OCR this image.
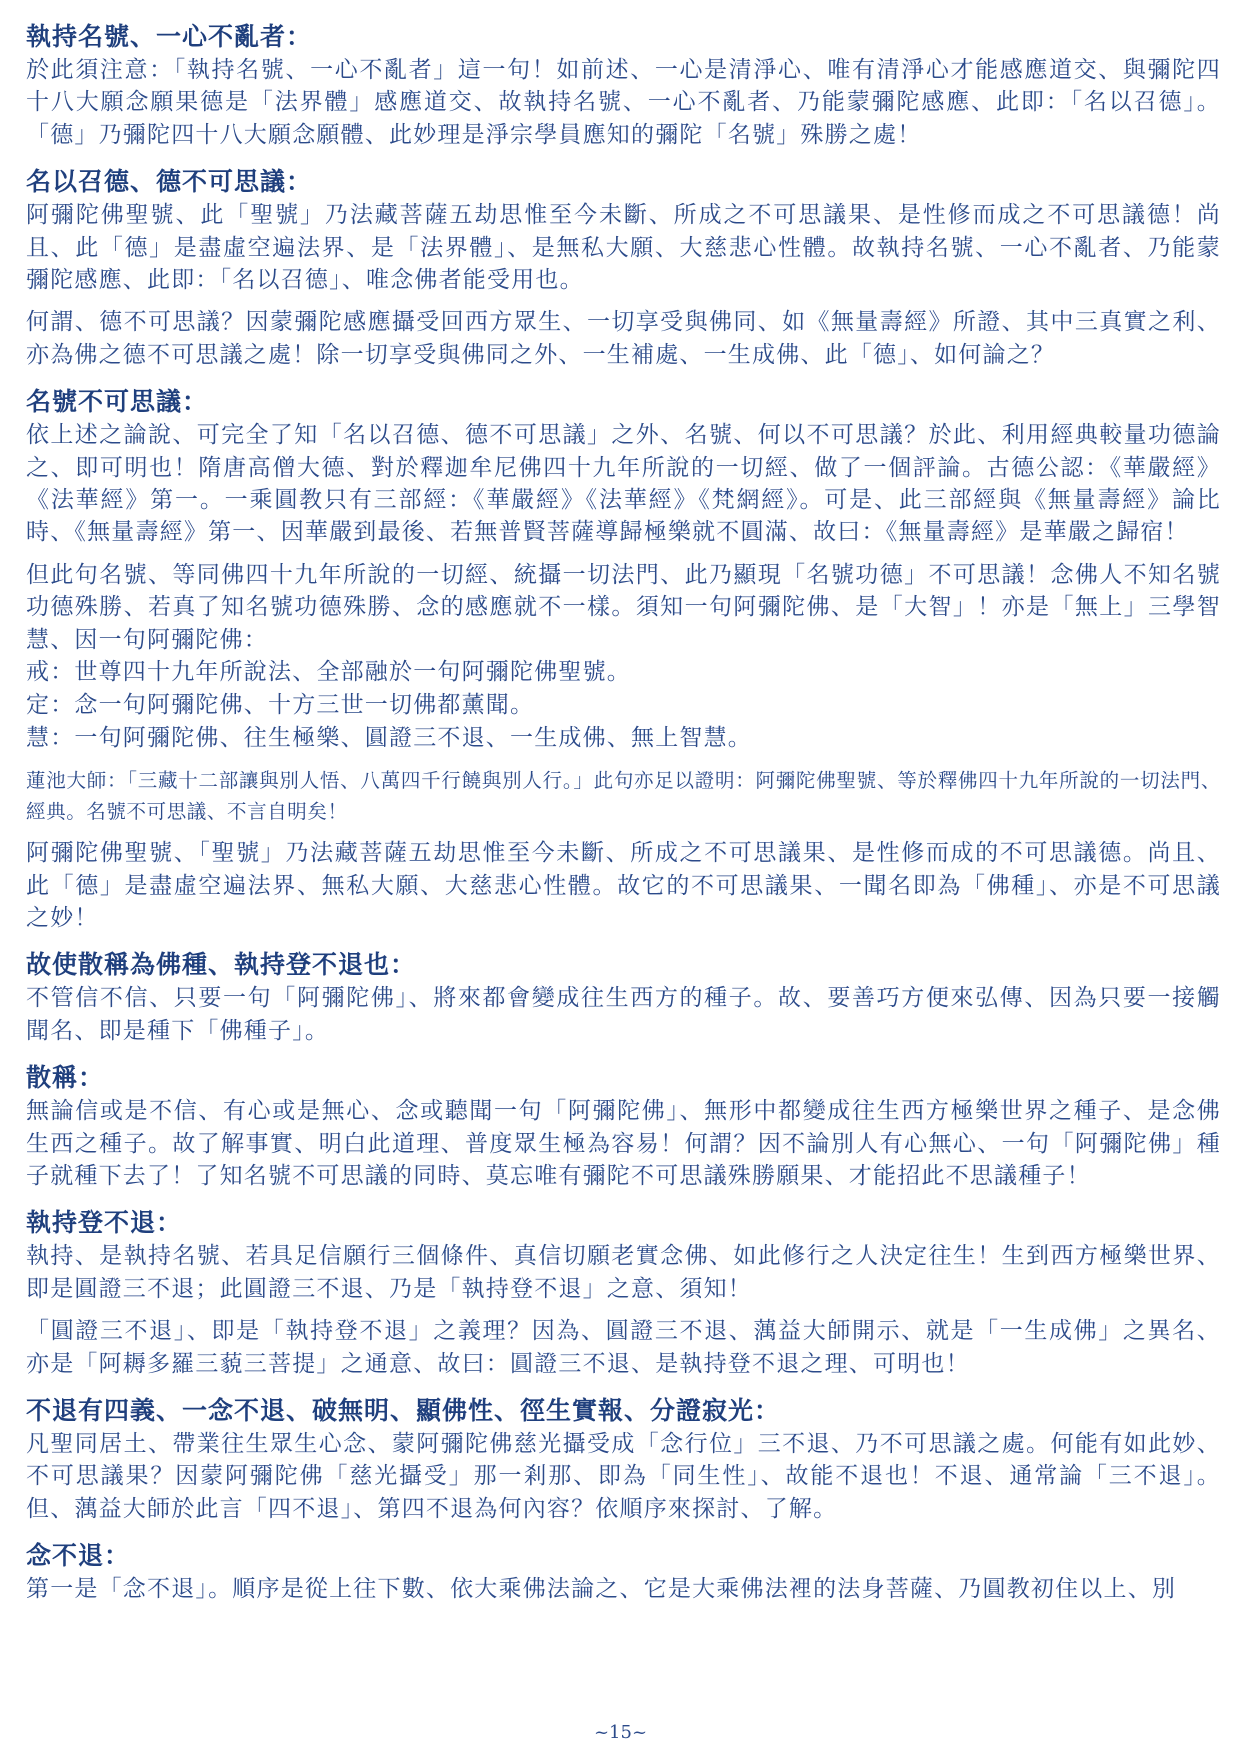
執持名號、一心不亂者：

於此須注意：「執持名號、一心不亂者」這一句！如前述、一心是清淨心、唯有清淨心才能感應道交、與彌陀四十八大願念願果德是「法界體」感應道交、故執持名號、一心不亂者、乃能蒙彌陀感應、此即：「名以召德」。「德」乃彌陀四十八大願念願體、此妙理是淨宗學員應知的彌陀「名號」殊勝之處！

名以召德、德不可思議：

阿彌陀佛聖號、此「聖號」乃法藏菩薩五劫思惟至今未斷、所成之不可思議果、是性修而成之不可思議德！尚且、此「德」是盡虛空遍法界、是「法界體」、是無私大願、大慈悲心性體。故執持名號、一心不亂者、乃能蒙彌陀感應、此即：「名以召德」、唯念佛者能受用也。

何謂、德不可思議？因蒙彌陀感應攝受回西方眾生、一切享受與佛同、如《無量壽經》所證、其中三真實之利、亦為佛之德不可思議之處！除一切享受與佛同之外、一生補處、一生成佛、此「德」、如何論之？

名號不可思議：

依上述之論說、可完全了知「名以召德、德不可思議」之外、名號、何以不可思議？於此、利用經典較量功德論之、即可明也！隋唐高僧大德、對於釋迦牟尼佛四十九年所說的一切經、做了一個評論。古德公認：《華嚴經》《法華經》第一。一乘圓教只有三部經：《華嚴經》《法華經》《梵網經》。可是、此三部經與《無量壽經》論比時、《無量壽經》第一、因華嚴到最後、若無普賢菩薩導歸極樂就不圓滿、故曰：《無量壽經》是華嚴之歸宿！

但此句名號、等同佛四十九年所說的一切經、統攝一切法門、此乃顯現「名號功德」不可思議！念佛人不知名號功德殊勝、若真了知名號功德殊勝、念的感應就不一樣。須知一句阿彌陀佛、是「大智」！亦是「無上」三學智慧、因一句阿彌陀佛：

戒：世尊四十九年所說法、全部融於一句阿彌陀佛聖號。
定：念一句阿彌陀佛、十方三世一切佛都薰聞。
慧：一句阿彌陀佛、往生極樂、圓證三不退、一生成佛、無上智慧。

蓮池大師：「三藏十二部讓與別人悟、八萬四千行饒與別人行。」此句亦足以證明：阿彌陀佛聖號、等於釋佛四十九年所說的一切法門、經典。名號不可思議、不言自明矣！

阿彌陀佛聖號、「聖號」乃法藏菩薩五劫思惟至今未斷、所成之不可思議果、是性修而成的不可思議德。尚且、此「德」是盡虛空遍法界、無私大願、大慈悲心性體。故它的不可思議果、一聞名即為「佛種」、亦是不可思議之妙！

故使散稱為佛種、執持登不退也：

不管信不信、只要一句「阿彌陀佛」、將來都會變成往生西方的種子。故、要善巧方便來弘傳、因為只要一接觸聞名、即是種下「佛種子」。

散稱：

無論信或是不信、有心或是無心、念或聽聞一句「阿彌陀佛」、無形中都變成往生西方極樂世界之種子、是念佛生西之種子。故了解事實、明白此道理、普度眾生極為容易！何謂？因不論別人有心無心、一句「阿彌陀佛」種子就種下去了！了知名號不可思議的同時、莫忘唯有彌陀不可思議殊勝願果、才能招此不思議種子！

執持登不退：

執持、是執持名號、若具足信願行三個條件、真信切願老實念佛、如此修行之人決定往生！生到西方極樂世界、即是圓證三不退；此圓證三不退、乃是「執持登不退」之意、須知！

「圓證三不退」、即是「執持登不退」之義理？因為、圓證三不退、蕅益大師開示、就是「一生成佛」之異名、亦是「阿耨多羅三藐三菩提」之通意、故曰：圓證三不退、是執持登不退之理、可明也！

不退有四義、一念不退、破無明、顯佛性、徑生實報、分證寂光：

凡聖同居土、帶業往生眾生心念、蒙阿彌陀佛慈光攝受成「念行位」三不退、乃不可思議之處。何能有如此妙、不可思議果？因蒙阿彌陀佛「慈光攝受」那一剎那、即為「同生性」、故能不退也！不退、通常論「三不退」。但、蕅益大師於此言「四不退」、第四不退為何內容？依順序來探討、了解。

念不退：

第一是「念不退」。順序是從上往下數、依大乘佛法論之、它是大乘佛法裡的法身菩薩、乃圓教初住以上、別

~15~
